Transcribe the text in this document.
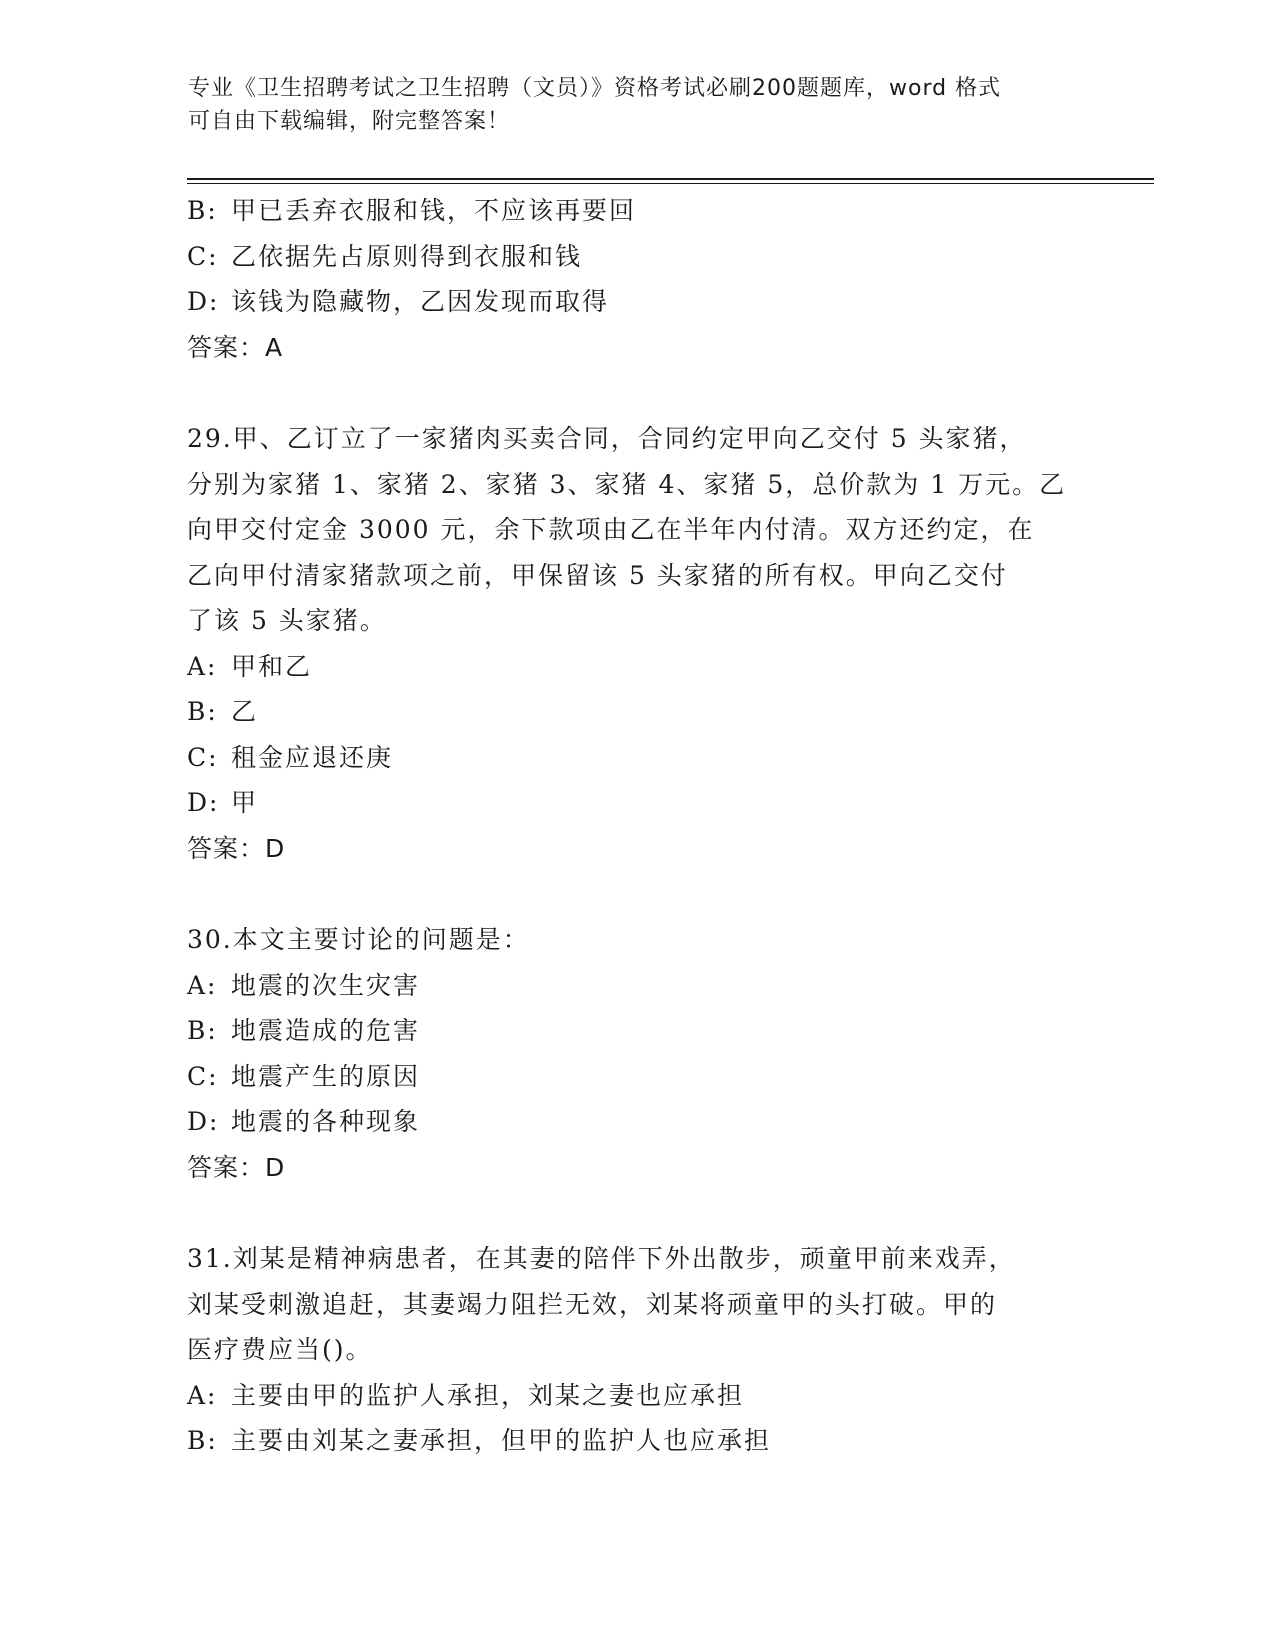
专业《卫生招聘考试之卫生招聘（文员）》资格考试必刷200题题库，word 格式
可自由下载编辑，附完整答案！
B: 甲已丢弃衣服和钱，不应该再要回
C: 乙依据先占原则得到衣服和钱
D: 该钱为隐藏物，乙因发现而取得
答案：A
29.甲、乙订立了一家猪肉买卖合同，合同约定甲向乙交付 5 头家猪，
分别为家猪 1、家猪 2、家猪 3、家猪 4、家猪 5，总价款为 1 万元。乙
向甲交付定金 3000 元，余下款项由乙在半年内付清。双方还约定，在
乙向甲付清家猪款项之前，甲保留该 5 头家猪的所有权。甲向乙交付
了该 5 头家猪。
A: 甲和乙
B: 乙
C: 租金应退还庚
D: 甲
答案：D
30.本文主要讨论的问题是：
A: 地震的次生灾害
B: 地震造成的危害
C: 地震产生的原因
D: 地震的各种现象
答案：D
31.刘某是精神病患者，在其妻的陪伴下外出散步，顽童甲前来戏弄，
刘某受刺激追赶，其妻竭力阻拦无效，刘某将顽童甲的头打破。甲的
医疗费应当()。
A: 主要由甲的监护人承担，刘某之妻也应承担
B: 主要由刘某之妻承担，但甲的监护人也应承担
